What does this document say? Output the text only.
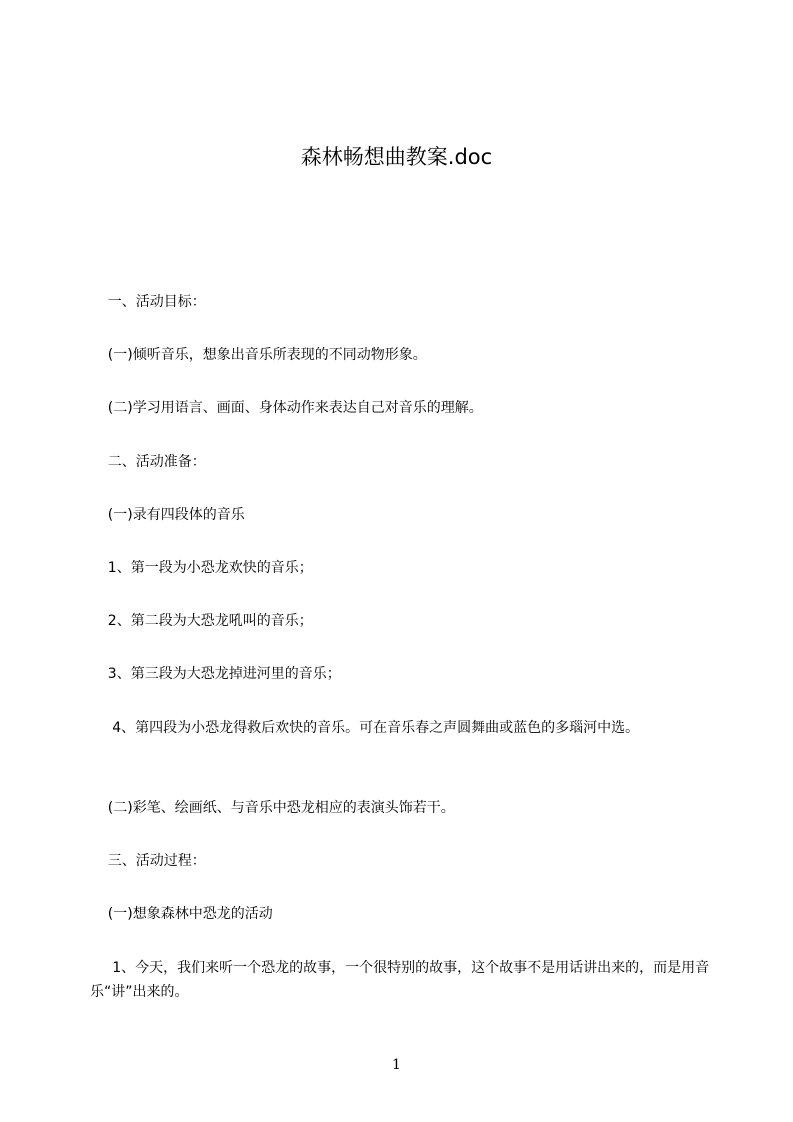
森林畅想曲教案.doc
一、活动目标：
(一)倾听音乐，想象出音乐所表现的不同动物形象。
(二)学习用语言、画面、身体动作来表达自己对音乐的理解。
二、活动准备：
(一)录有四段体的音乐
1、第一段为小恐龙欢快的音乐；
2、第二段为大恐龙吼叫的音乐；
3、第三段为大恐龙掉进河里的音乐；
4、第四段为小恐龙得救后欢快的音乐。可在音乐春之声圆舞曲或蓝色的多瑙河中选。
(二)彩笔、绘画纸、与音乐中恐龙相应的表演头饰若干。
三、活动过程：
(一)想象森林中恐龙的活动
1、今天，我们来听一个恐龙的故事，一个很特别的故事，这个故事不是用话讲出来的，而是用音乐“讲”出来的。
1
